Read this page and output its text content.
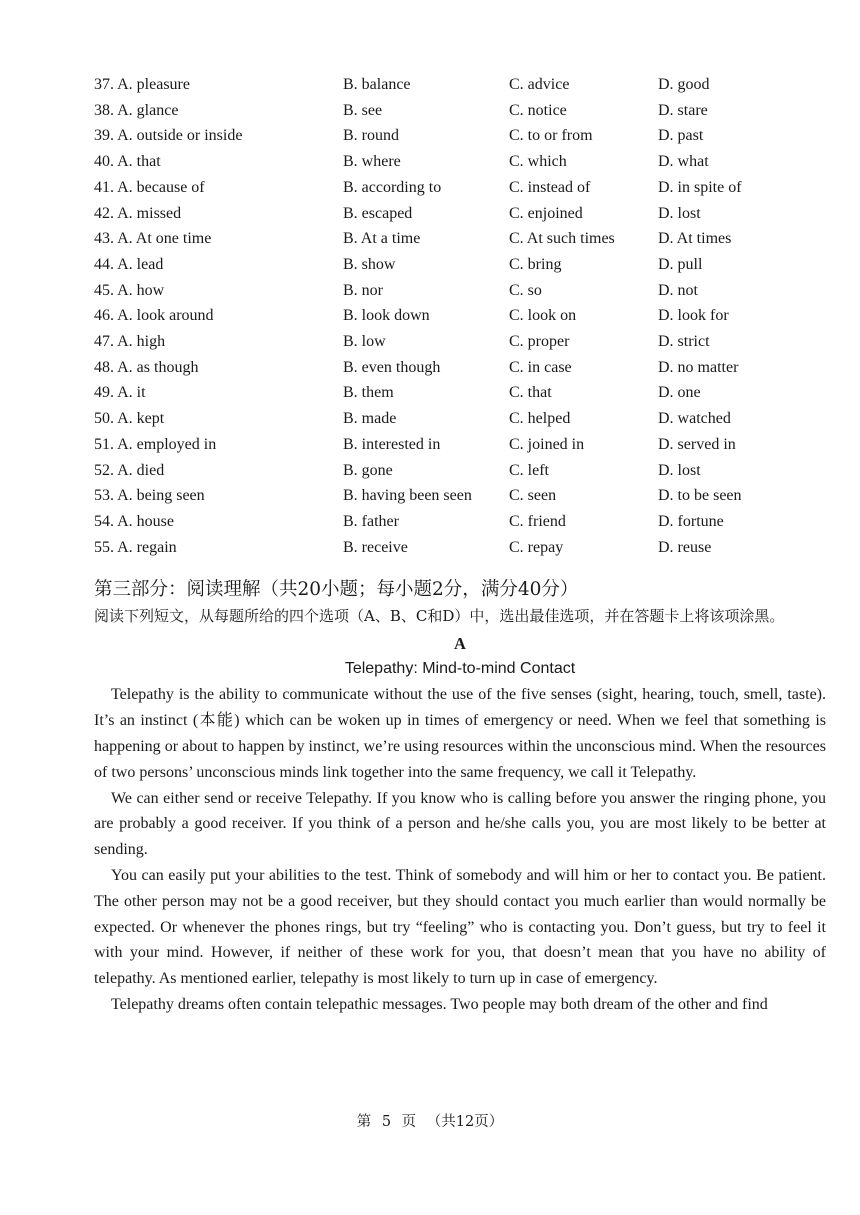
37. A. pleasure	B. balance	C. advice	D. good
38. A. glance	B. see	C. notice	D. stare
39. A. outside or inside	B. round	C. to or from	D. past
40. A. that	B. where	C. which	D. what
41. A. because of	B. according to	C. instead of	D. in spite of
42. A. missed	B. escaped	C. enjoined	D. lost
43. A. At one time	B. At a time	C. At such times	D. At times
44. A. lead	B. show	C. bring	D. pull
45. A. how	B. nor	C. so	D. not
46. A. look around	B. look down	C. look on	D. look for
47. A. high	B. low	C. proper	D. strict
48. A. as though	B. even though	C. in case	D. no matter
49. A. it	B. them	C. that	D. one
50. A. kept	B. made	C. helped	D. watched
51. A. employed in	B. interested in	C. joined in	D. served in
52. A. died	B. gone	C. left	D. lost
53. A. being seen	B. having been seen	C. seen	D. to be seen
54. A. house	B. father	C. friend	D. fortune
55. A. regain	B. receive	C. repay	D. reuse
第三部分：阅读理解（共20小题；每小题2分，满分40分）
阅读下列短文，从每题所给的四个选项（A、B、C和D）中，选出最佳选项，并在答题卡上将该项涂黑。
A
Telepathy: Mind-to-mind Contact

Telepathy is the ability to communicate without the use of the five senses (sight, hearing, touch, smell, taste). It’s an instinct (本能) which can be woken up in times of emergency or need. When we feel that something is happening or about to happen by instinct, we’re using resources within the unconscious mind. When the resources of two persons’ unconscious minds link together into the same frequency, we call it Telepathy.

We can either send or receive Telepathy. If you know who is calling before you answer the ringing phone, you are probably a good receiver. If you think of a person and he/she calls you, you are most likely to be better at sending.

You can easily put your abilities to the test. Think of somebody and will him or her to contact you. Be patient. The other person may not be a good receiver, but they should contact you much earlier than would normally be expected. Or whenever the phones rings, but try “feeling” who is contacting you. Don’t guess, but try to feel it with your mind. However, if neither of these work for you, that doesn’t mean that you have no ability of telepathy. As mentioned earlier, telepathy is most likely to turn up in case of emergency.

Telepathy dreams often contain telepathic messages. Two people may both dream of the other and find

第 5 页 （共12页）
